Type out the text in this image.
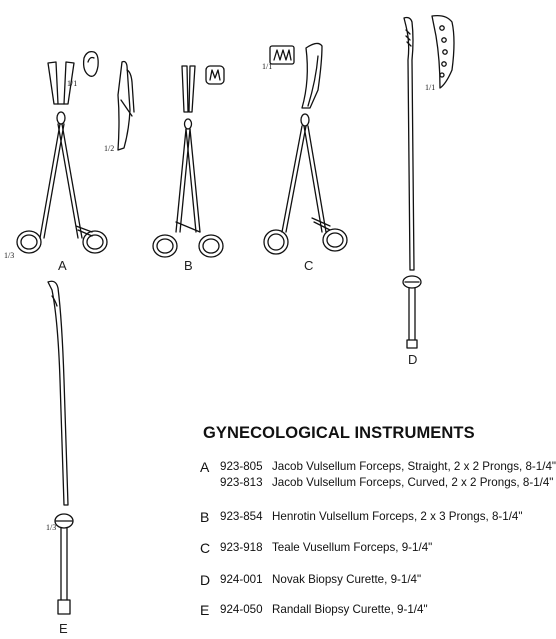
1/1
1/2
1/3
1/1
1/1
1/3
A	B	C
D
E
GYNECOLOGICAL INSTRUMENTS
A 923-805 Jacob Vulsellum Forceps, Straight, 2 x 2 Prongs, 8-1/4"
923-813 Jacob Vulsellum Forceps, Curved, 2 x 2 Prongs, 8-1/4"
B 923-854 Henrotin Vulsellum Forceps, 2 x 3 Prongs, 8-1/4"
C 923-918 Teale Vusellum Forceps, 9-1/4"
D 924-001 Novak Biopsy Curette, 9-1/4"
E 924-050 Randall Biopsy Curette, 9-1/4"
